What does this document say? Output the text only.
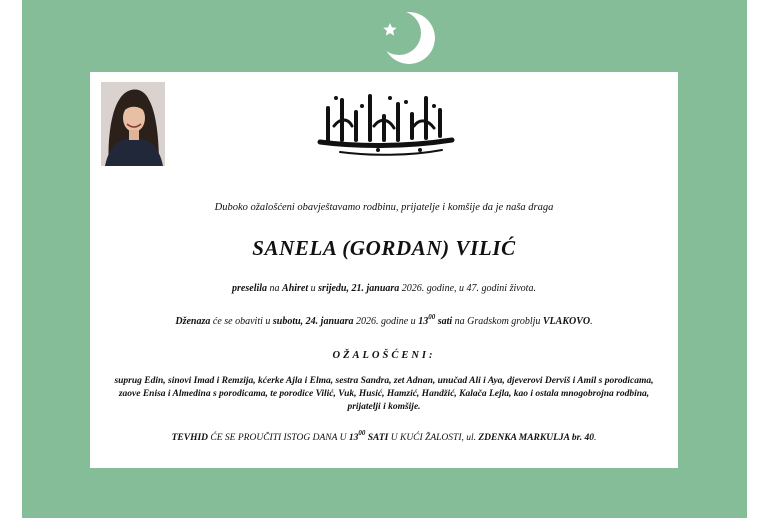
Duboko ožalošćeni obavještavamo rodbinu, prijatelje i komšije da je naša draga
SANELA (GORDAN) VILIĆ
preselila na Ahiret u srijedu, 21. januara 2026. godine, u 47. godini života.
Dženaza će se obaviti u subotu, 24. januara 2026. godine u $13^{00}$ sati na Gradskom groblju VLAKOVO.
OŽALOŠĆENI:
suprug Edin, sinovi Imad i Remzija, kćerke Ajla i Elma, sestra Sandra, zet Adnan, unučad Ali i Aya, djeverovi Derviš i Amil s porodicama, zaove Enisa i Almedina s porodicama, te porodice Vilić, Vuk, Husić, Hamzić, Handžić, Kalača Lejla, kao i ostala mnogobrojna rodbina, prijatelji i komšije.
TEVHID ĆE SE PROUČITI ISTOG DANA U $13^{00}$ SATI U KUĆI ŽALOSTI, ul. ZDENKA MARKULJA br. 40.
